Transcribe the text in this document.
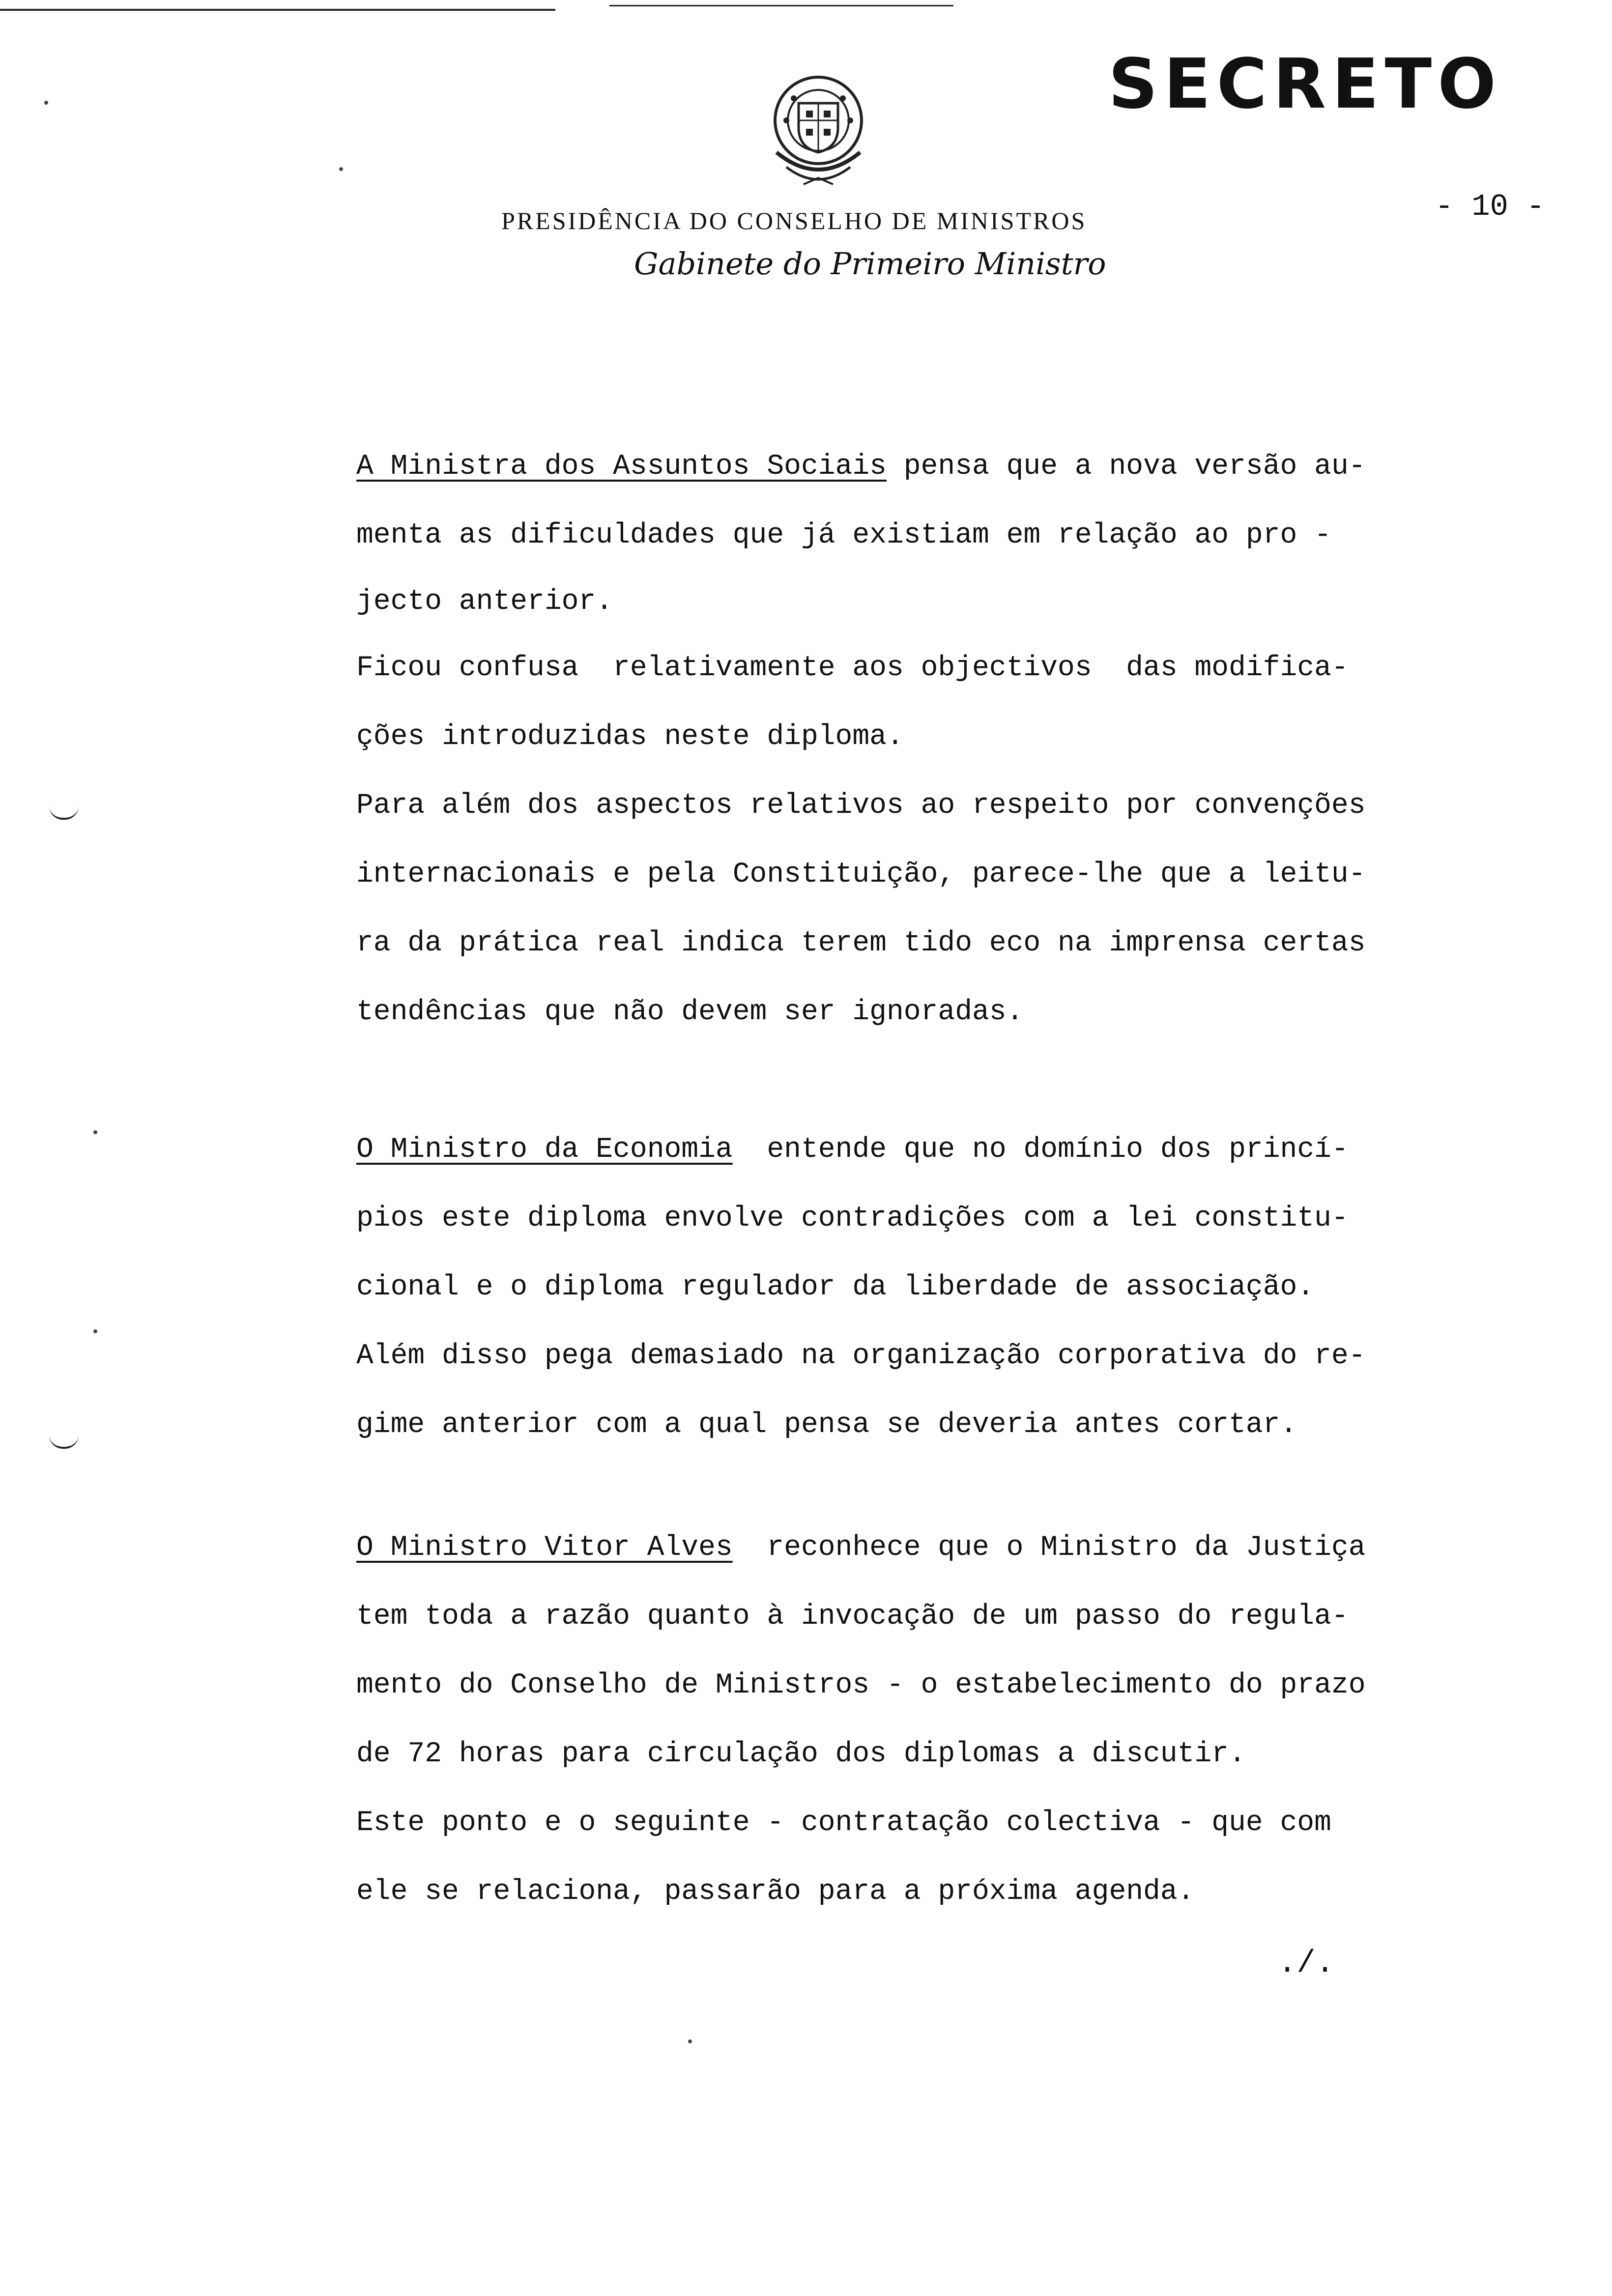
SECRETO
- 10 -
PRESIDÊNCIA DO CONSELHO DE MINISTROS
Gabinete do Primeiro Ministro
A Ministra dos Assuntos Sociais pensa que a nova versão au-
menta as dificuldades que já existiam em relação ao pro -
jecto anterior.
Ficou confusa  relativamente aos objectivos  das modifica-
ções introduzidas neste diploma.
Para além dos aspectos relativos ao respeito por convenções
internacionais e pela Constituição, parece-lhe que a leitu-
ra da prática real indica terem tido eco na imprensa certas
tendências que não devem ser ignoradas.
O Ministro da Economia entende que no domínio dos princí-
pios este diploma envolve contradições com a lei constitu-
cional e o diploma regulador da liberdade de associação.
Além disso pega demasiado na organização corporativa do re-
gime anterior com a qual pensa se deveria antes cortar.
O Ministro Vitor Alves reconhece que o Ministro da Justiça
tem toda a razão quanto à invocação de um passo do regula-
mento do Conselho de Ministros - o estabelecimento do prazo
de 72 horas para circulação dos diplomas a discutir.
Este ponto e o seguinte - contratação colectiva - que com
ele se relaciona, passarão para a próxima agenda.
./.
